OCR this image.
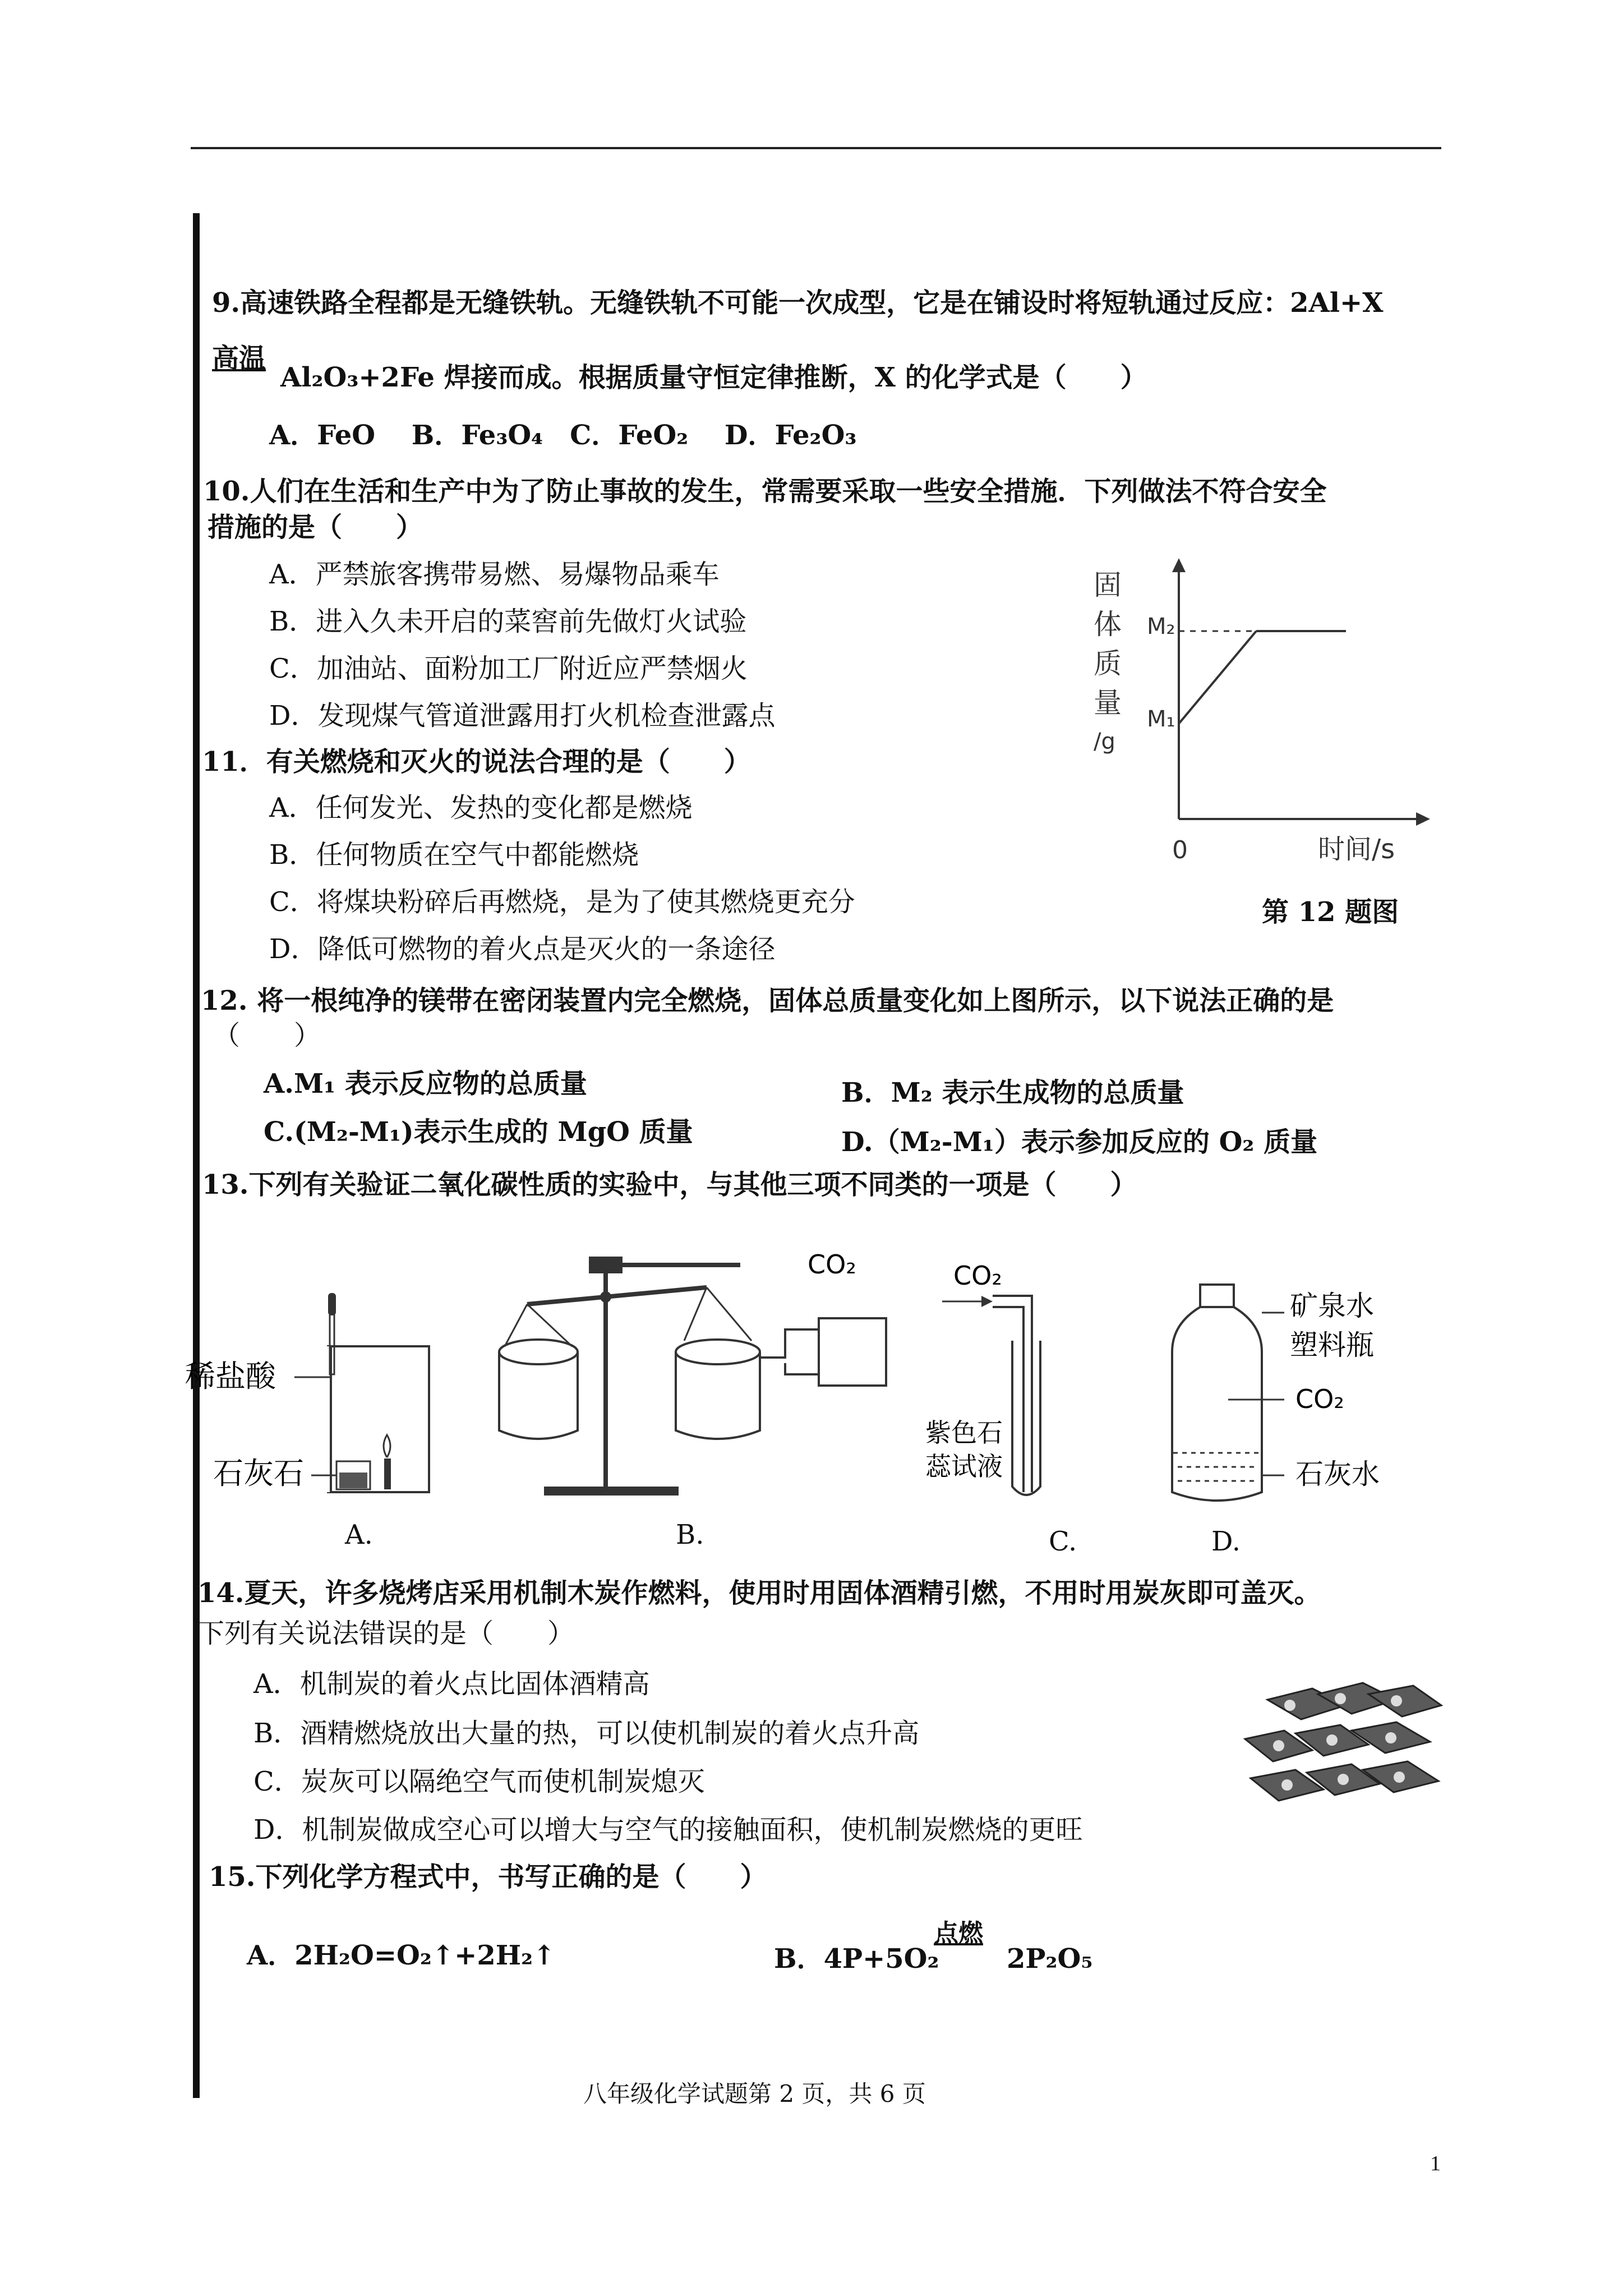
9.高速铁路全程都是无缝铁轨。无缝铁轨不可能一次成型，它是在铺设时将短轨通过反应：2Al+X
高温
Al₂O₃+2Fe 焊接而成。根据质量守恒定律推断，X 的化学式是（　　）
A．FeO　 B．Fe₃O₄　C．FeO₂　 D．Fe₂O₃
10.人们在生活和生产中为了防止事故的发生，常需要采取一些安全措施．下列做法不符合安全
措施的是（　　）
A．严禁旅客携带易燃、易爆物品乘车
B．进入久未开启的菜窖前先做灯火试验
C．加油站、面粉加工厂附近应严禁烟火
D．发现煤气管道泄露用打火机检查泄露点
11．有关燃烧和灭火的说法合理的是（　　）
A．任何发光、发热的变化都是燃烧
B．任何物质在空气中都能燃烧
C．将煤块粉碎后再燃烧，是为了使其燃烧更充分
D．降低可燃物的着火点是灭火的一条途径
固
体
质
量
/g
M₂
M₁
0	时间/s
第 12 题图
12. 将一根纯净的镁带在密闭装置内完全燃烧，固体总质量变化如上图所示，以下说法正确的是
（　　）
A.M₁ 表示反应物的总质量	B．M₂ 表示生成物的总质量
C.(M₂-M₁)表示生成的 MgO 质量	D.（M₂-M₁）表示参加反应的 O₂ 质量
13.下列有关验证二氧化碳性质的实验中，与其他三项不同类的一项是（　　）
稀盐酸
石灰石
A.
CO₂
B.
CO₂
紫色石
蕊试液
C.
矿泉水
塑料瓶
CO₂
石灰水
D.
14.夏天，许多烧烤店采用机制木炭作燃料，使用时用固体酒精引燃，不用时用炭灰即可盖灭。
下列有关说法错误的是（　　）
A．机制炭的着火点比固体酒精高
B．酒精燃烧放出大量的热，可以使机制炭的着火点升高
C．炭灰可以隔绝空气而使机制炭熄灭
D．机制炭做成空心可以增大与空气的接触面积，使机制炭燃烧的更旺
15.下列化学方程式中，书写正确的是（　　）
A．2H₂O=O₂↑+2H₂↑	B．4P+5O₂
点燃
2P₂O₅
八年级化学试题第 2 页，共 6 页
1
